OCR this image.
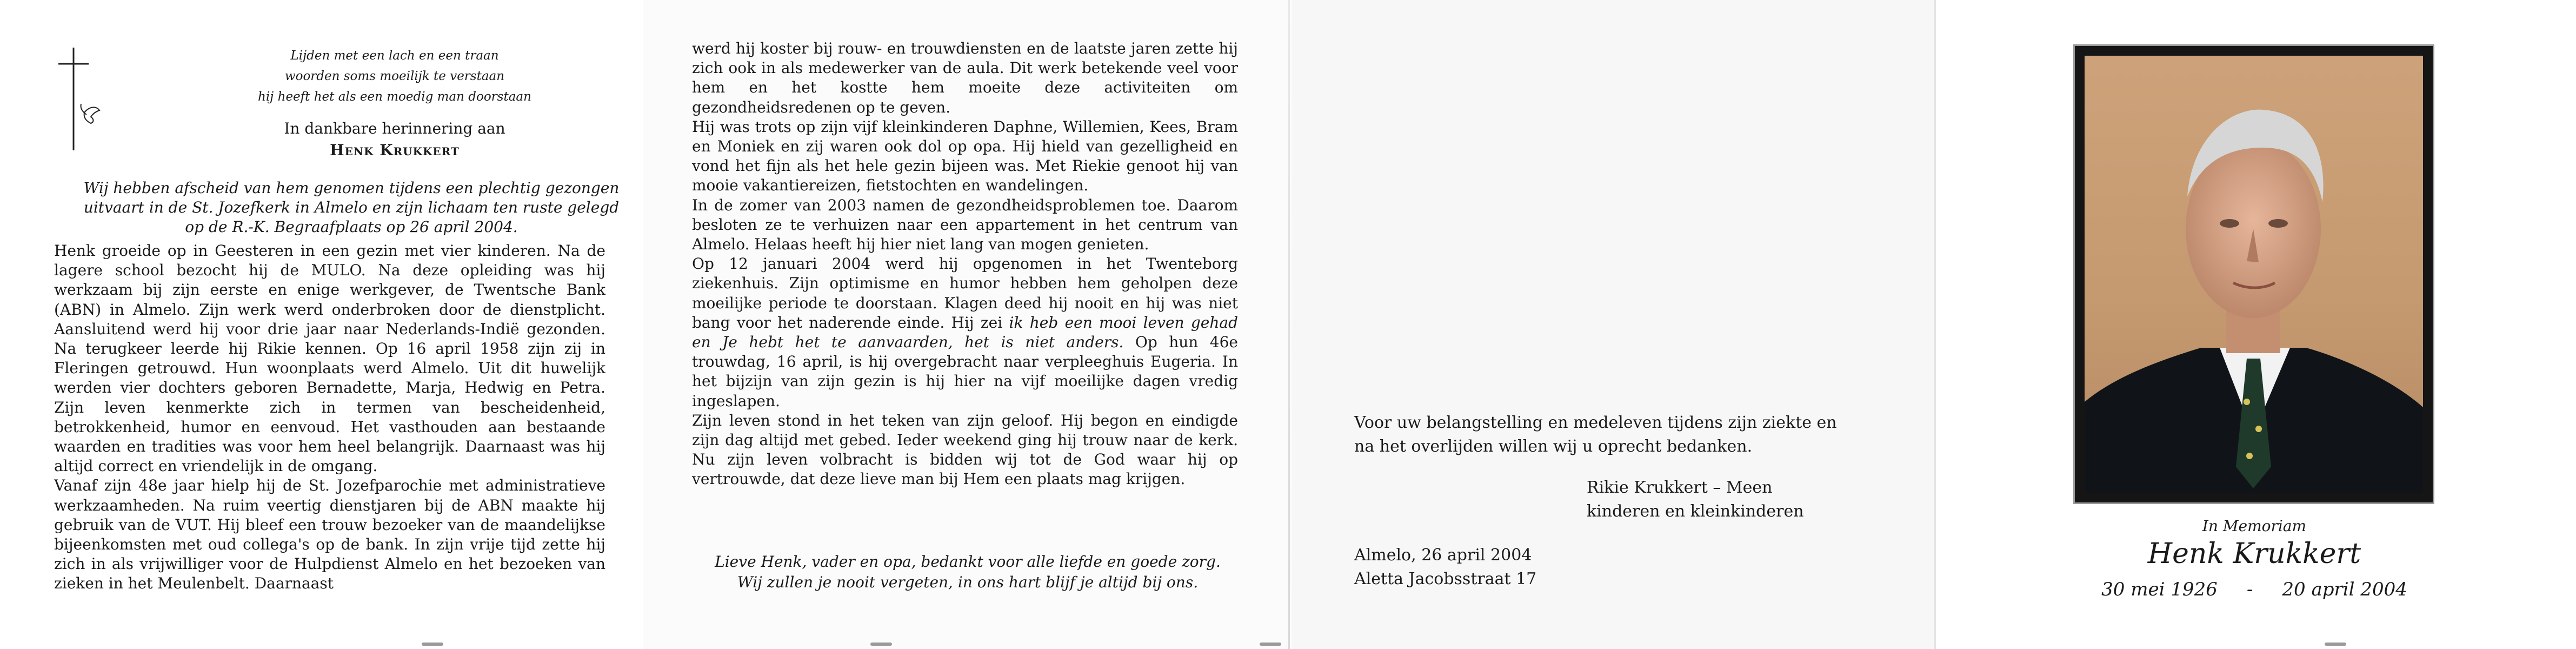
Lijden met een lach en een traan
woorden soms moeilijk te verstaan
hij heeft het als een moedig man doorstaan
In dankbare herinnering aan
Henk Krukkert
Wij hebben afscheid van hem genomen tijdens een plechtig gezongen uitvaart in de St. Jozefkerk in Almelo en zijn lichaam ten ruste gelegd op de R.-K. Begraafplaats op 26 april 2004.
Henk groeide op in Geesteren in een gezin met vier kinderen. Na de lagere school bezocht hij de MULO. Na deze opleiding was hij werkzaam bij zijn eerste en enige werkgever, de Twentsche Bank (ABN) in Almelo. Zijn werk werd onderbroken door de dienstplicht. Aansluitend werd hij voor drie jaar naar Nederlands-Indië gezonden. Na terugkeer leerde hij Rikie kennen. Op 16 april 1958 zijn zij in Fleringen getrouwd. Hun woonplaats werd Almelo. Uit dit huwelijk werden vier dochters geboren Bernadette, Marja, Hedwig en Petra. Zijn leven kenmerkte zich in termen van bescheidenheid, betrokkenheid, humor en eenvoud. Het vasthouden aan bestaande waarden en tradities was voor hem heel belangrijk. Daarnaast was hij altijd correct en vriendelijk in de omgang.
Vanaf zijn 48e jaar hielp hij de St. Jozefparochie met administratieve werkzaamheden. Na ruim veertig dienstjaren bij de ABN maakte hij gebruik van de VUT. Hij bleef een trouw bezoeker van de maandelijkse bijeenkomsten met oud collega's op de bank. In zijn vrije tijd zette hij zich in als vrijwilliger voor de Hulpdienst Almelo en het bezoeken van zieken in het Meulenbelt. Daarnaast
werd hij koster bij rouw- en trouwdiensten en de laatste jaren zette hij zich ook in als medewerker van de aula. Dit werk betekende veel voor hem en het kostte hem moeite deze activiteiten om gezondheidsredenen op te geven.
Hij was trots op zijn vijf kleinkinderen Daphne, Willemien, Kees, Bram en Moniek en zij waren ook dol op opa. Hij hield van gezelligheid en vond het fijn als het hele gezin bijeen was. Met Riekie genoot hij van mooie vakantiereizen, fietstochten en wandelingen.
In de zomer van 2003 namen de gezondheidsproblemen toe. Daarom besloten ze te verhuizen naar een appartement in het centrum van Almelo. Helaas heeft hij hier niet lang van mogen genieten.
Op 12 januari 2004 werd hij opgenomen in het Twenteborg ziekenhuis. Zijn optimisme en humor hebben hem geholpen deze moeilijke periode te doorstaan. Klagen deed hij nooit en hij was niet bang voor het naderende einde. Hij zei ik heb een mooi leven gehad en Je hebt het te aanvaarden, het is niet anders. Op hun 46e trouwdag, 16 april, is hij overgebracht naar verpleeghuis Eugeria. In het bijzijn van zijn gezin is hij hier na vijf moeilijke dagen vredig ingeslapen.
Zijn leven stond in het teken van zijn geloof. Hij begon en eindigde zijn dag altijd met gebed. Ieder weekend ging hij trouw naar de kerk. Nu zijn leven volbracht is bidden wij tot de God waar hij op vertrouwde, dat deze lieve man bij Hem een plaats mag krijgen.
Lieve Henk, vader en opa, bedankt voor alle liefde en goede zorg.
Wij zullen je nooit vergeten, in ons hart blijf je altijd bij ons.
Voor uw belangstelling en medeleven tijdens zijn ziekte en
na het overlijden willen wij u oprecht bedanken.
Rikie Krukkert – Meen
kinderen en kleinkinderen
Almelo, 26 april 2004
Aletta Jacobsstraat 17
In Memoriam
Henk Krukkert
30 mei 1926 - 20 april 2004
